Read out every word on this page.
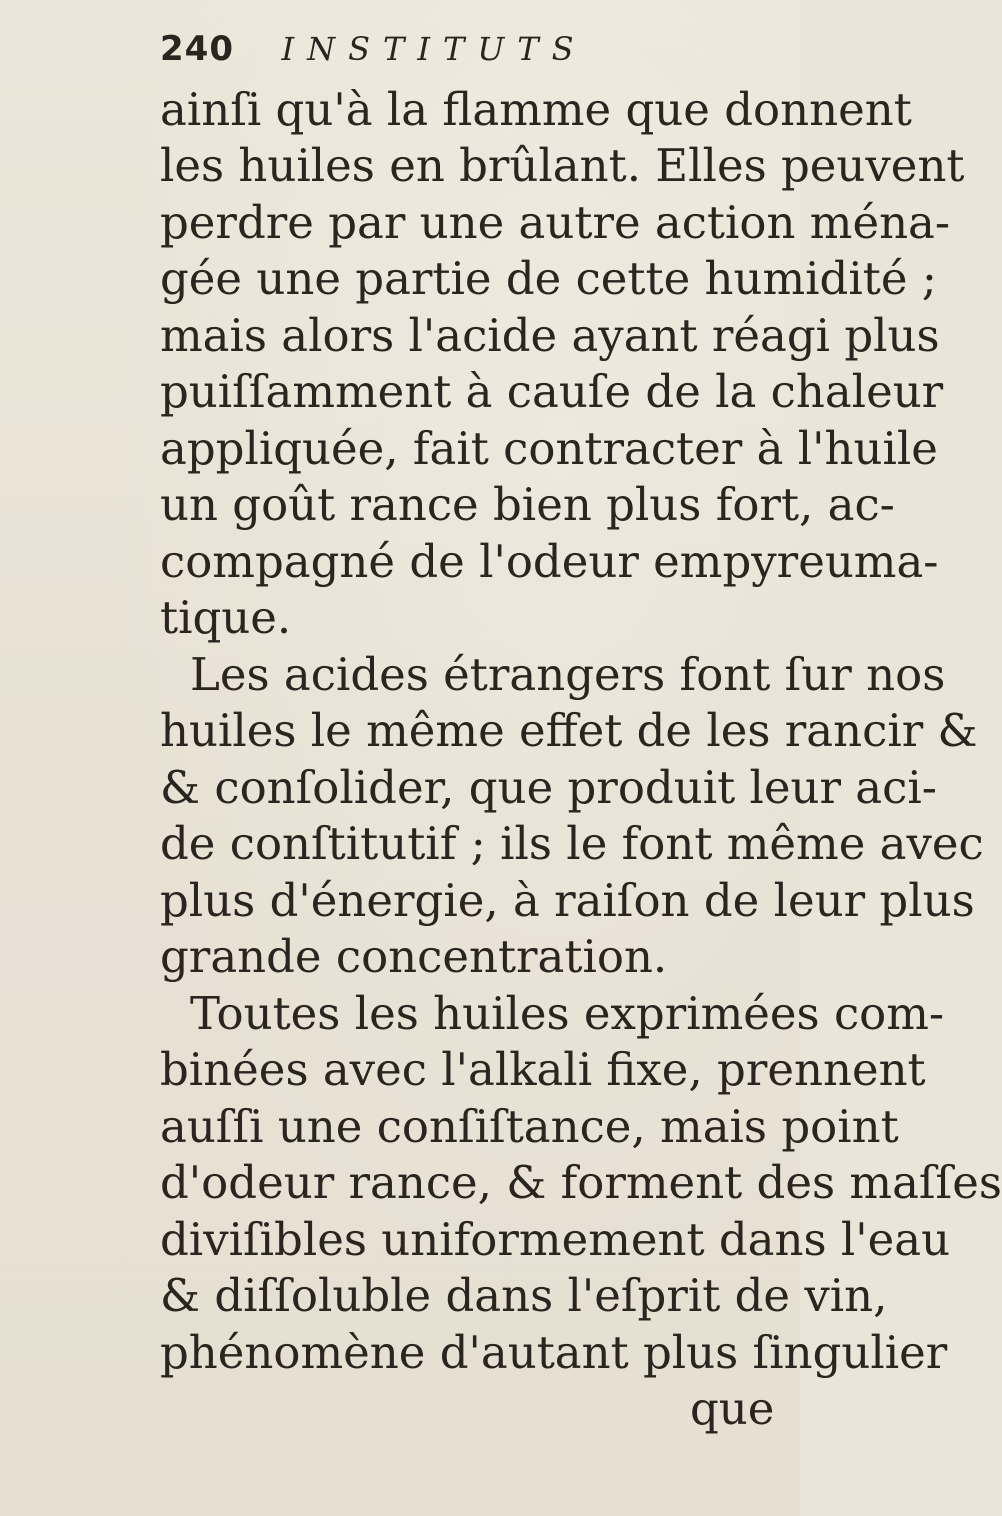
240 INSTITUTS
ainſi qu'à la flamme que donnent
les huiles en brûlant. Elles peuvent
perdre par une autre action ména-
gée une partie de cette humidité ;
mais alors l'acide ayant réagi plus
puiſſamment à cauſe de la chaleur
appliquée, fait contracter à l'huile
un goût rance bien plus fort, ac-
compagné de l'odeur empyreuma-
tique.
Les acides étrangers font ſur nos
huiles le même effet de les rancir &
& conſolider, que produit leur aci-
de conſtitutif ; ils le font même avec
plus d'énergie, à raiſon de leur plus
grande concentration.
Toutes les huiles exprimées com-
binées avec l'alkali fixe, prennent
auſſi une conſiſtance, mais point
d'odeur rance, & forment des maſſes
diviſibles uniformement dans l'eau
& diſſoluble dans l'eſprit de vin,
phénomène d'autant plus ſingulier
que
